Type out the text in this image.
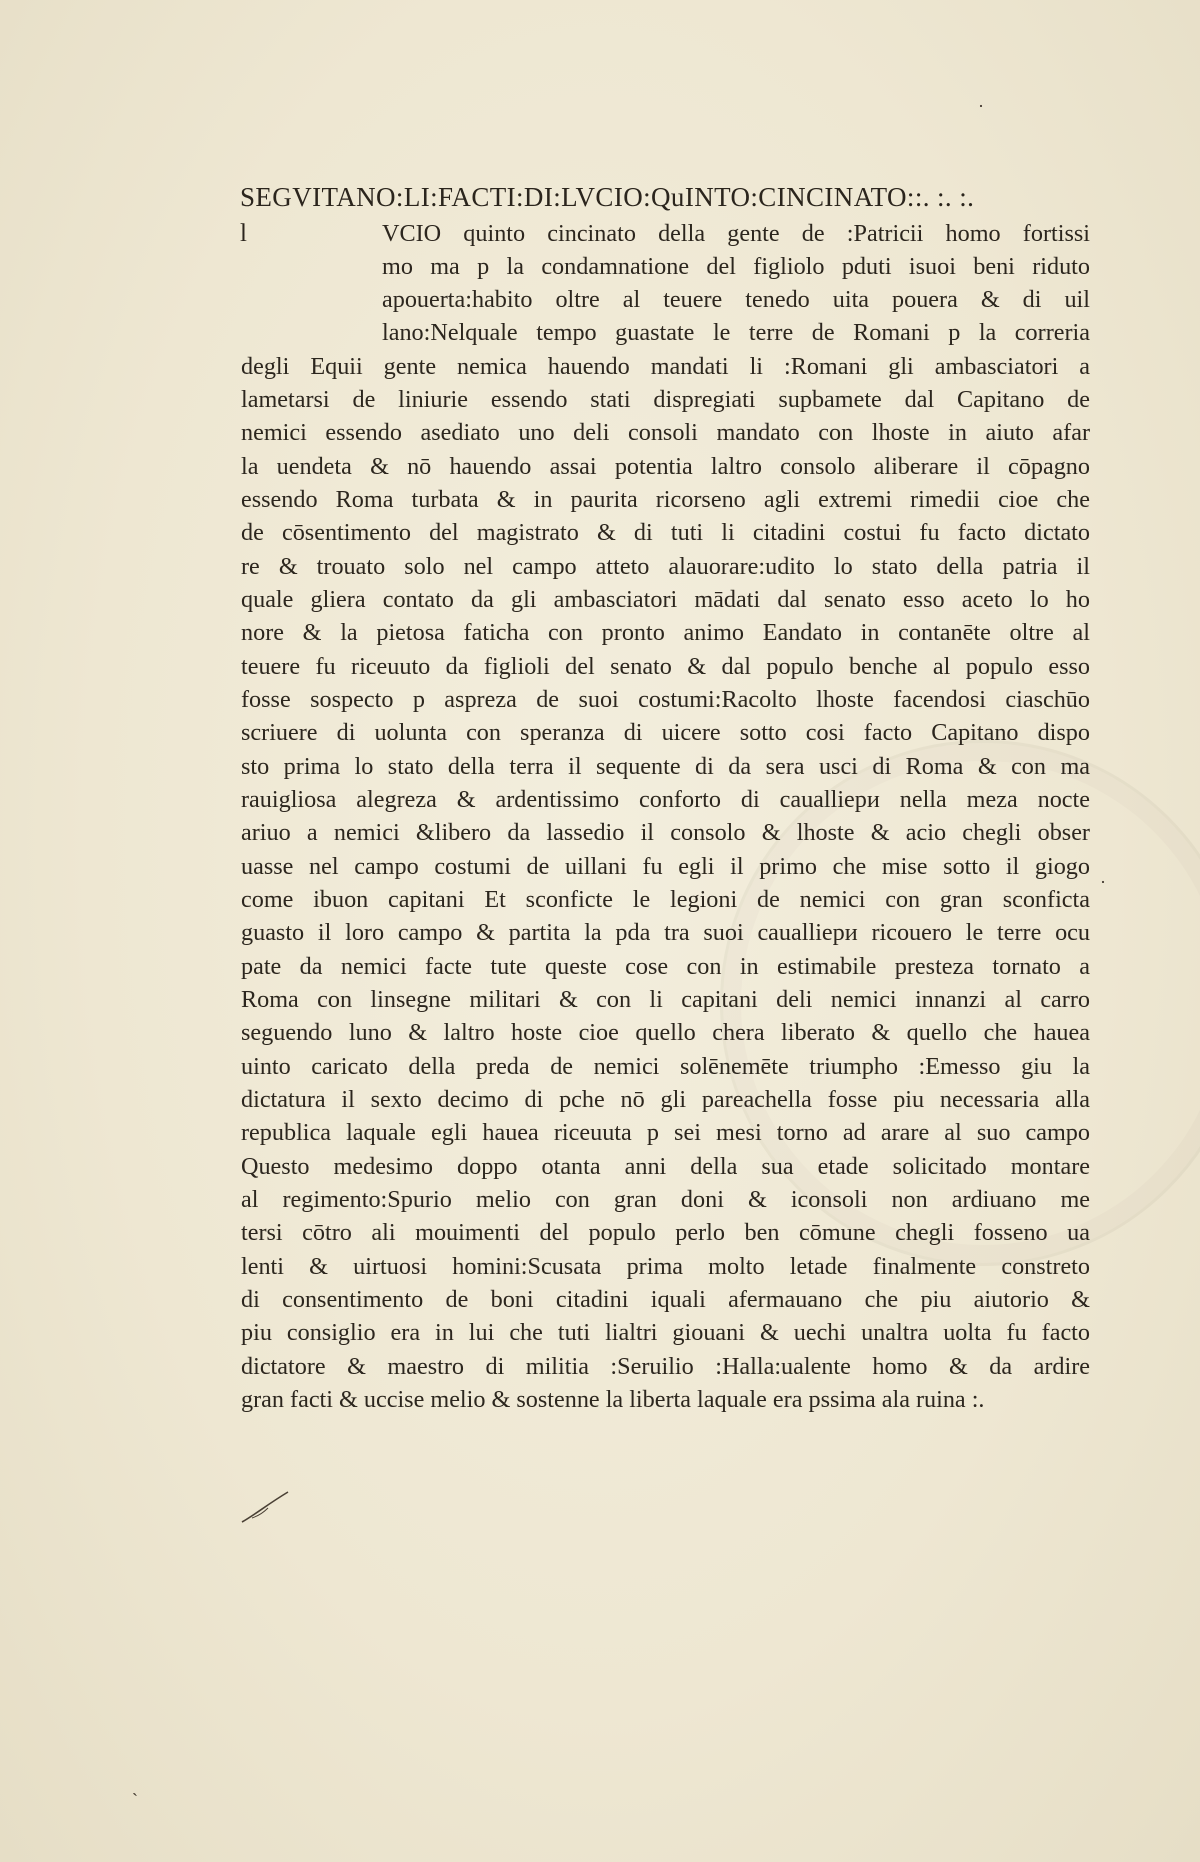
SEGVITANO:LI:FACTI:DI:LVCIO:QuINTO:CINCINATO::. :. :.
l	VCIO quinto cincinato della gente de :Patricii homo fortissi
mo ma p la condamnatione del figliolo pduti isuoi beni riduto
apouerta:habito oltre al teuere tenedo uita pouera & di uil
lano:Nelquale tempo guastate le terre de Romani p la correria
degli Equii gente nemica hauendo mandati li :Romani gli ambasciatori a
lametarsi de liniurie essendo stati dispregiati supbamete dal Capitano de
nemici essendo asediato uno deli consoli mandato con lhoste in aiuto afar
la uendeta & nō hauendo assai potentia laltro consolo aliberare il cōpagno
essendo Roma turbata & in paurita ricorseno agli extremi rimedii cioe che
de cōsentimento del magistrato & di tuti li citadini costui fu facto dictato
re & trouato solo nel campo atteto alauorare:udito lo stato della patria il
quale gliera contato da gli ambasciatori mādati dal senato esso aceto lo ho
nore & la pietosa faticha con pronto animo Eandato in contanēte oltre al
teuere fu riceuuto da figlioli del senato & dal populo benche al populo esso
fosse sospecto p aspreza de suoi costumi:Racolto lhoste facendosi ciaschūo
scriuere di uolunta con speranza di uicere sotto cosi facto Capitano dispo
sto prima lo stato della terra il sequente di da sera usci di Roma & con ma
rauigliosa alegreza & ardentissimo conforto di caualliери nella meza nocte
ariuo a nemici &libero da lassedio il consolo & lhoste & acio chegli obser
uasse nel campo costumi de uillani fu egli il primo che mise sotto il giogo
come ibuon capitani Et sconficte le legioni de nemici con gran sconficta
guasto il loro campo & partita la pda tra suoi caualliери ricouero le terre ocu
pate da nemici facte tute queste cose con in estimabile presteza tornato a
Roma con linsegne militari & con li capitani deli nemici innanzi al carro
seguendo luno & laltro hoste cioe quello chera liberato & quello che hauea
uinto caricato della preda de nemici solēnemēte triumpho :Emesso giu la
dictatura il sexto decimo di pche nō gli pareachella fosse piu necessaria alla
republica laquale egli hauea riceuuta p sei mesi torno ad arare al suo campo
Questo medesimo doppo otanta anni della sua etade solicitado montare
al regimento:Spurio melio con gran doni & iconsoli non ardiuano me
tersi cōtro ali mouimenti del populo perlo ben cōmune chegli fosseno ua
lenti & uirtuosi homini:Scusata prima molto letade finalmente constreto
di consentimento de boni citadini iquali afermauano che piu aiutorio &
piu consiglio era in lui che tuti lialtri giouani & uechi unaltra uolta fu facto
dictatore & maestro di militia :Seruilio :Halla:ualente homo & da ardire
gran facti & uccise melio & sostenne la liberta laquale era pssima ala ruina :.
·
·
ˏ
